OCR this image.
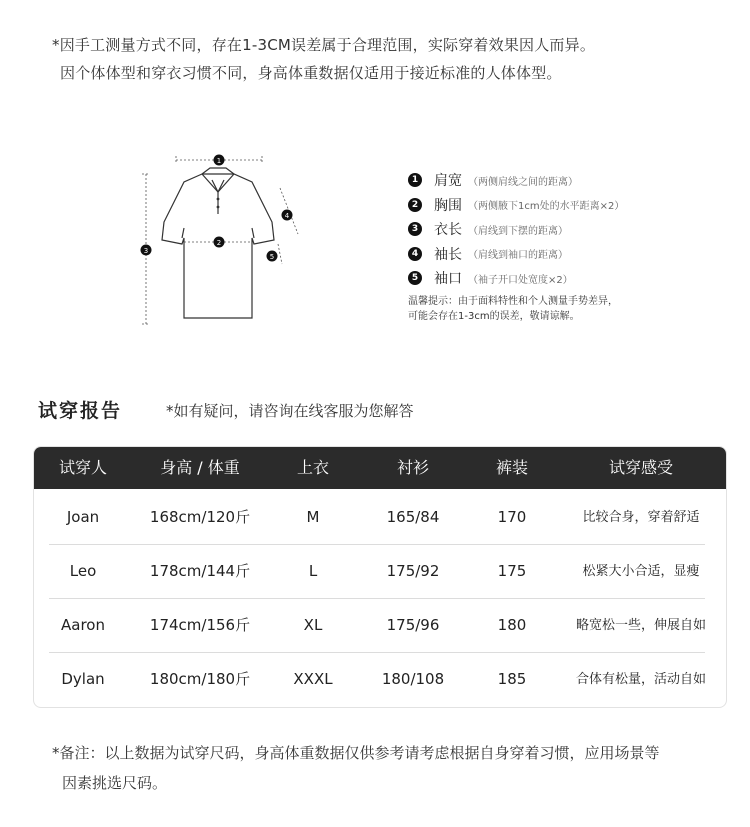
*因手工测量方式不同，存在1-3CM误差属于合理范围，实际穿着效果因人而异。
因个体体型和穿衣习惯不同，身高体重数据仅适用于接近标准的人体体型。
1
2
3
4
5
1 肩宽 （两侧肩线之间的距离）
2 胸围 （两侧腋下1cm处的水平距离×2）
3 衣长 （肩线到下摆的距离）
4 袖长 （肩线到袖口的距离）
5 袖口 （袖子开口处宽度×2）
温馨提示：由于面料特性和个人测量手势差异，
可能会存在1-3cm的误差，敬请谅解。
试穿报告	*如有疑问，请咨询在线客服为您解答
试穿人	身高 / 体重	上衣	衬衫	裤装	试穿感受
Joan	168cm/120斤	M	165/84	170	比较合身，穿着舒适
Leo	178cm/144斤	L	175/92	175	松紧大小合适，显瘦
Aaron	174cm/156斤	XL	175/96	180	略宽松一些，伸展自如
Dylan	180cm/180斤	XXXL	180/108	185	合体有松量，活动自如
*备注：以上数据为试穿尺码，身高体重数据仅供参考请考虑根据自身穿着习惯，应用场景等
因素挑选尺码。
